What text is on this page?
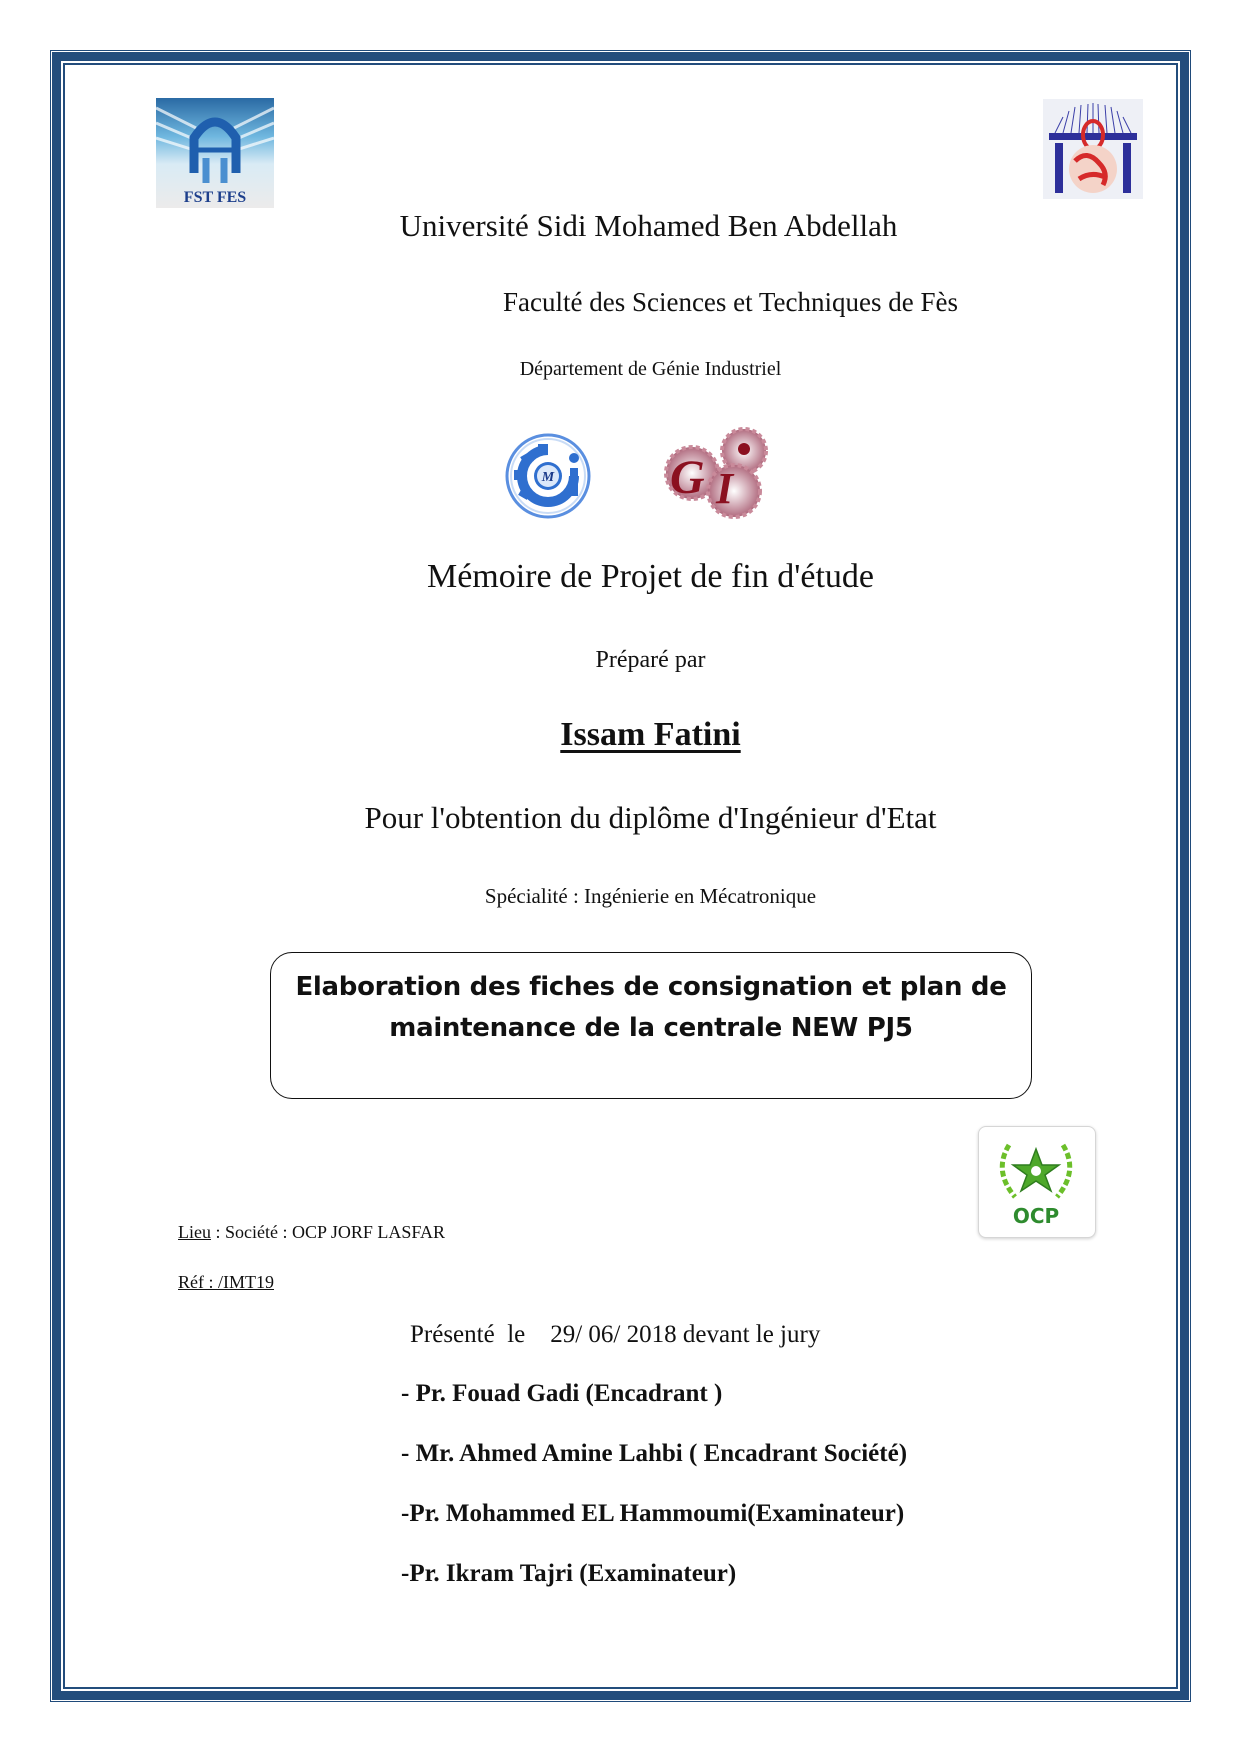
FST FES
Université Sidi Mohamed Ben Abdellah
Faculté des Sciences et Techniques de Fès
Département de Génie Industriel
M G I
Mémoire de Projet de fin d'étude
Préparé par
Issam Fatini
Pour l'obtention du diplôme d'Ingénieur d'Etat
Spécialité : Ingénierie en Mécatronique
Elaboration des fiches de consignation et plan de
maintenance de la centrale NEW PJ5
OCP
Lieu : Société : OCP JORF LASFAR
Réf : /IMT19
Présenté  le    29/ 06/ 2018 devant le jury
- Pr. Fouad Gadi (Encadrant )
- Mr. Ahmed Amine Lahbi ( Encadrant Société)
-Pr. Mohammed EL Hammoumi(Examinateur)
-Pr. Ikram Tajri (Examinateur)
